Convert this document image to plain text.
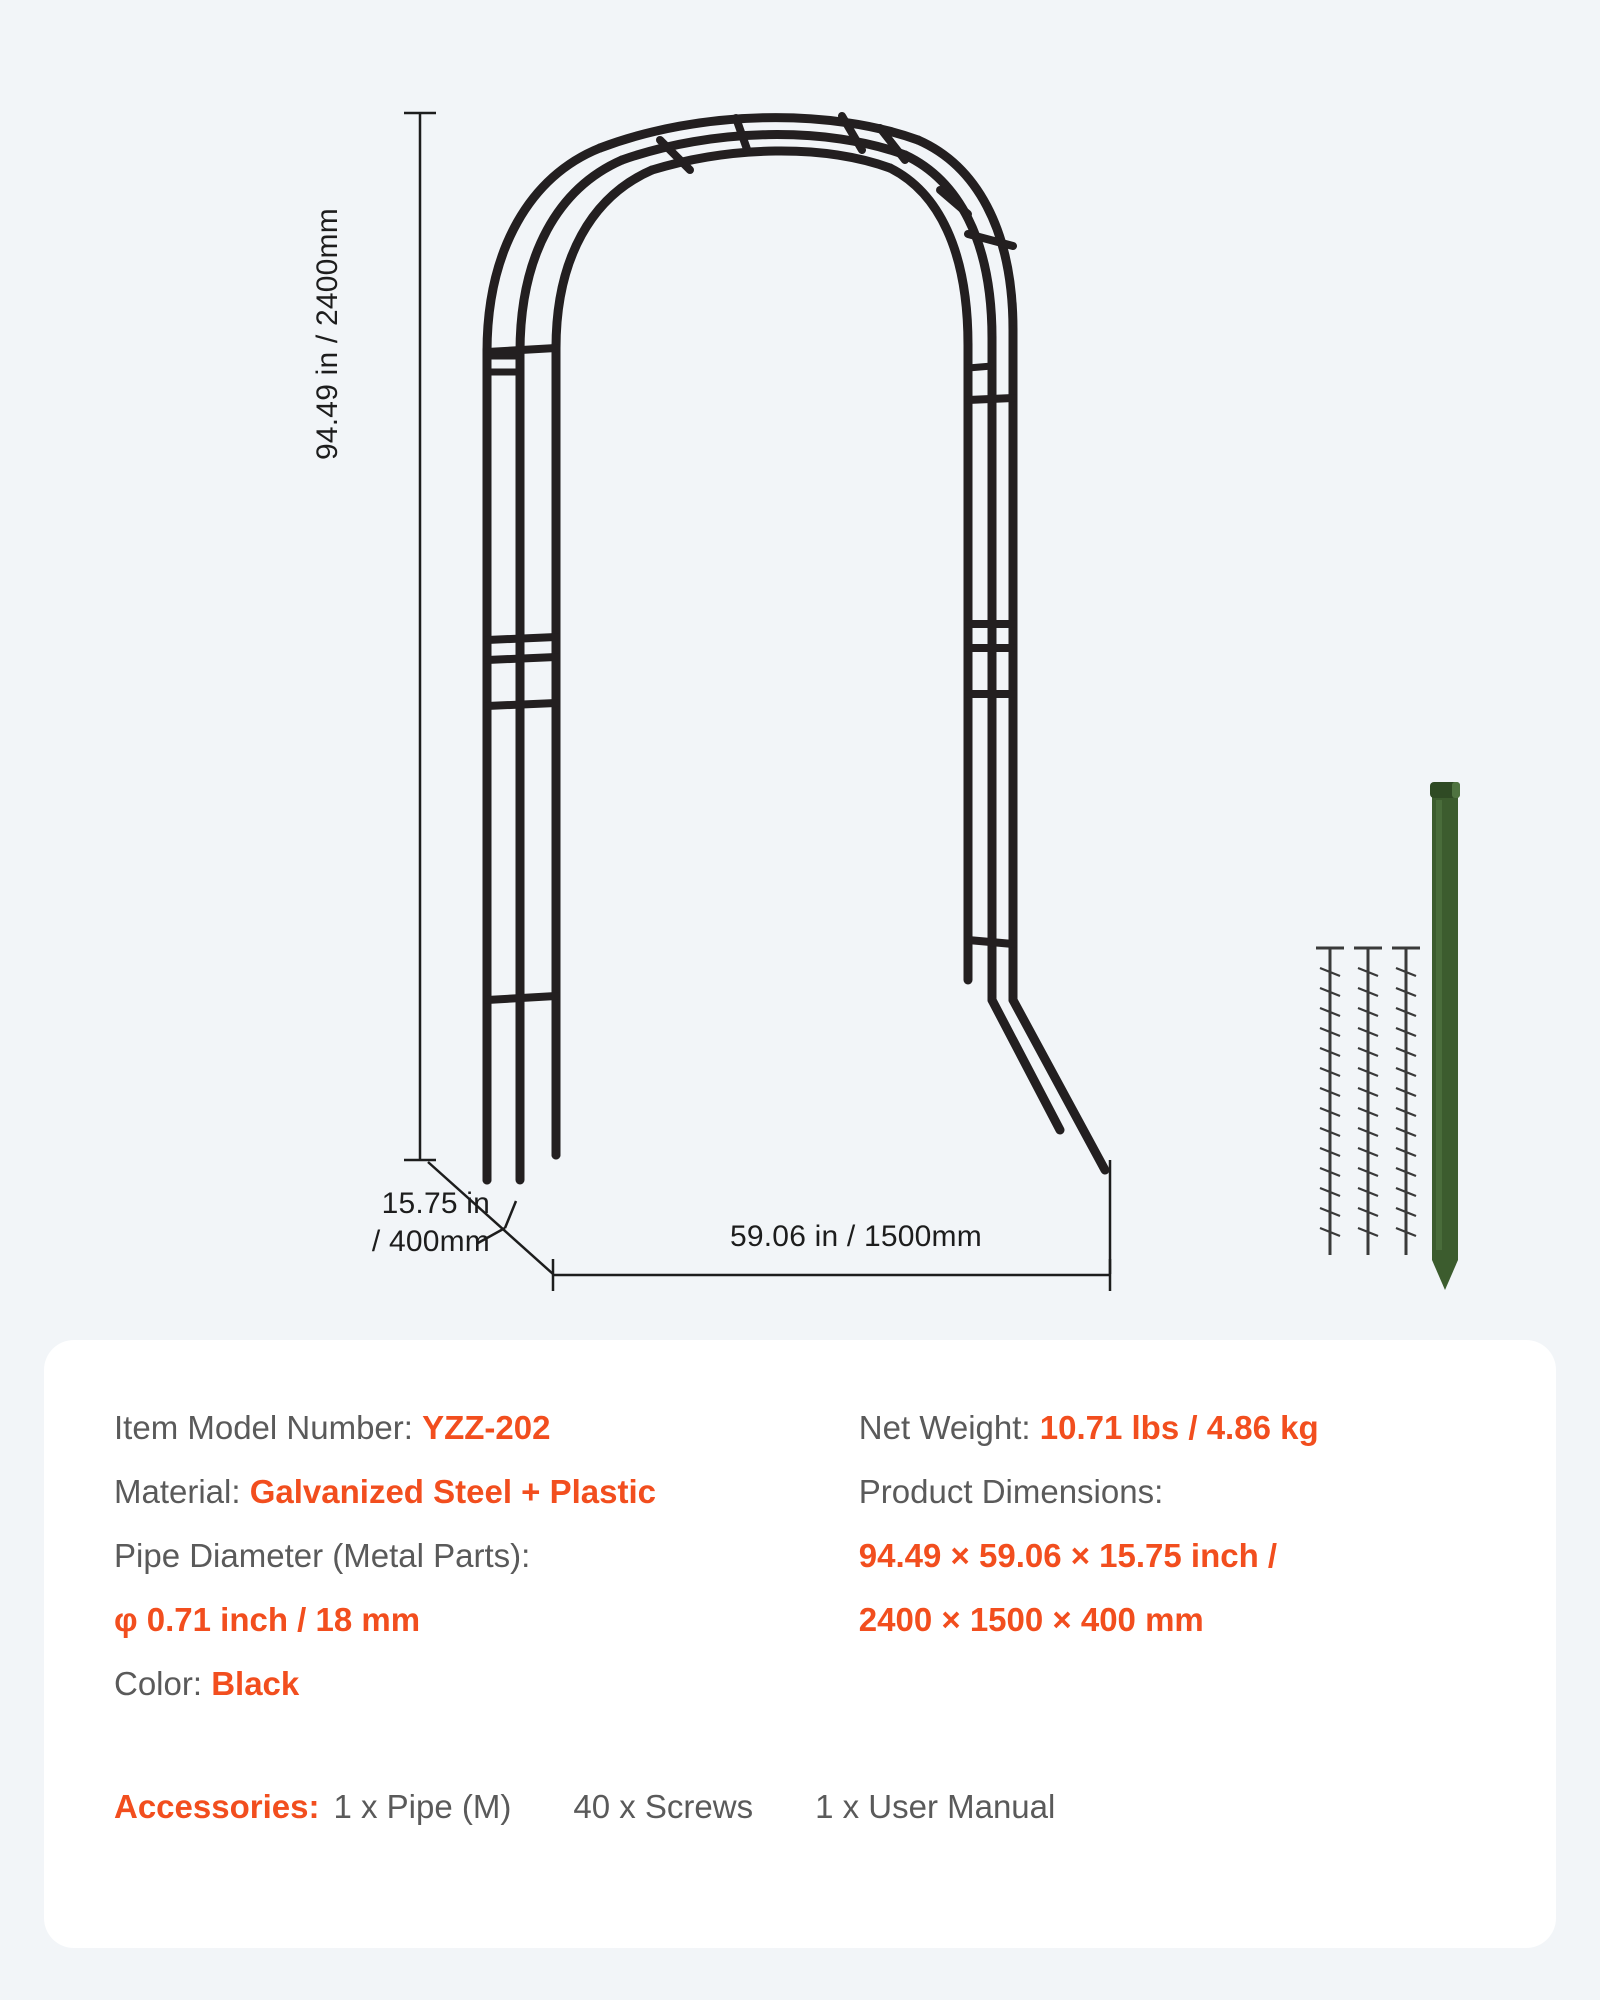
94.49 in / 2400mm
59.06 in / 1500mm
15.75 in
/ 400mm
Item Model Number: YZZ-202
Material: Galvanized Steel + Plastic
Pipe Diameter (Metal Parts):
φ 0.71 inch / 18 mm
Color: Black
Net Weight: 10.71 lbs / 4.86 kg
Product Dimensions:
94.49 × 59.06 × 15.75 inch /
2400 × 1500 × 400 mm
Accessories: 1 x Pipe (M) 40 x Screws 1 x User Manual
